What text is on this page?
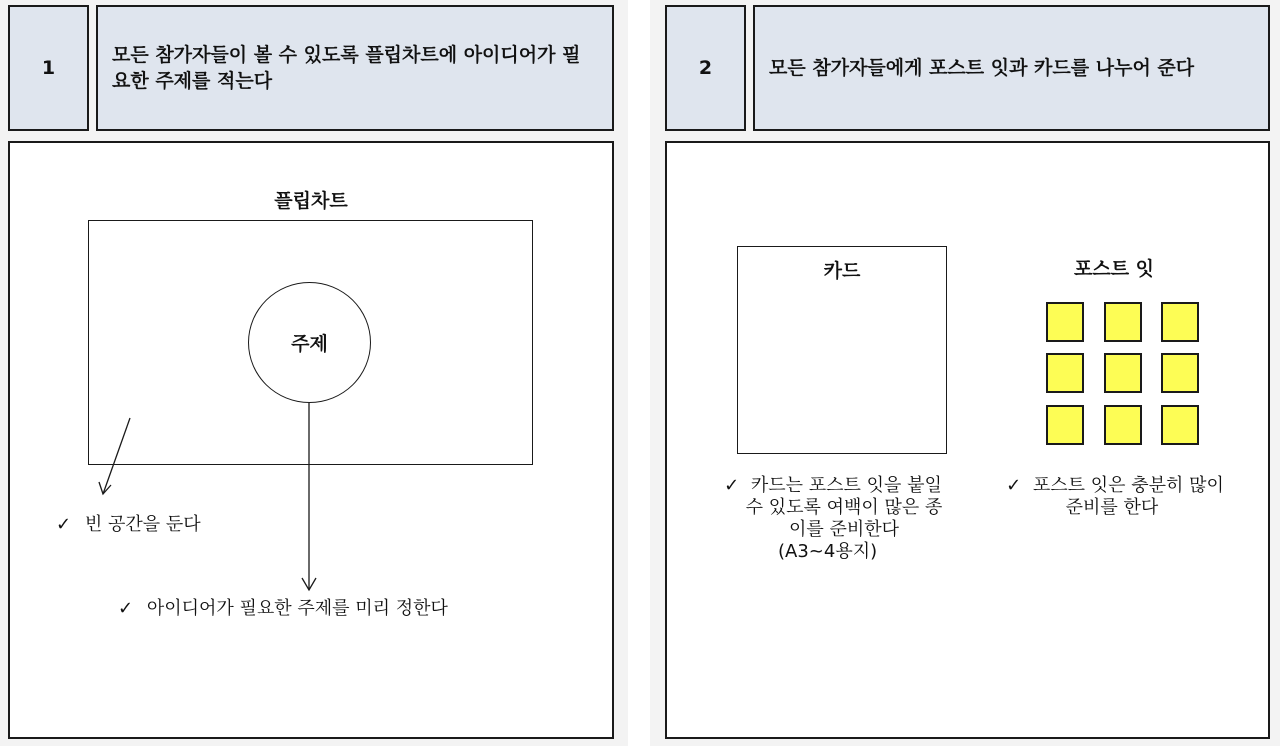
1
모든 참가자들이 볼 수 있도록 플립차트에 아이디어가 필요한 주제를 적는다
플립차트
주제
✓ 빈 공간을 둔다
✓ 아이디어가 필요한 주제를 미리 정한다
2	모든 참가자들에게 포스트 잇과 카드를 나누어 준다
카드	포스트 잇
✓ 카드는 포스트 잇을 붙일
수 있도록 여백이 많은 종
이를 준비한다
(A3~4용지)
✓ 포스트 잇은 충분히 많이
준비를 한다
